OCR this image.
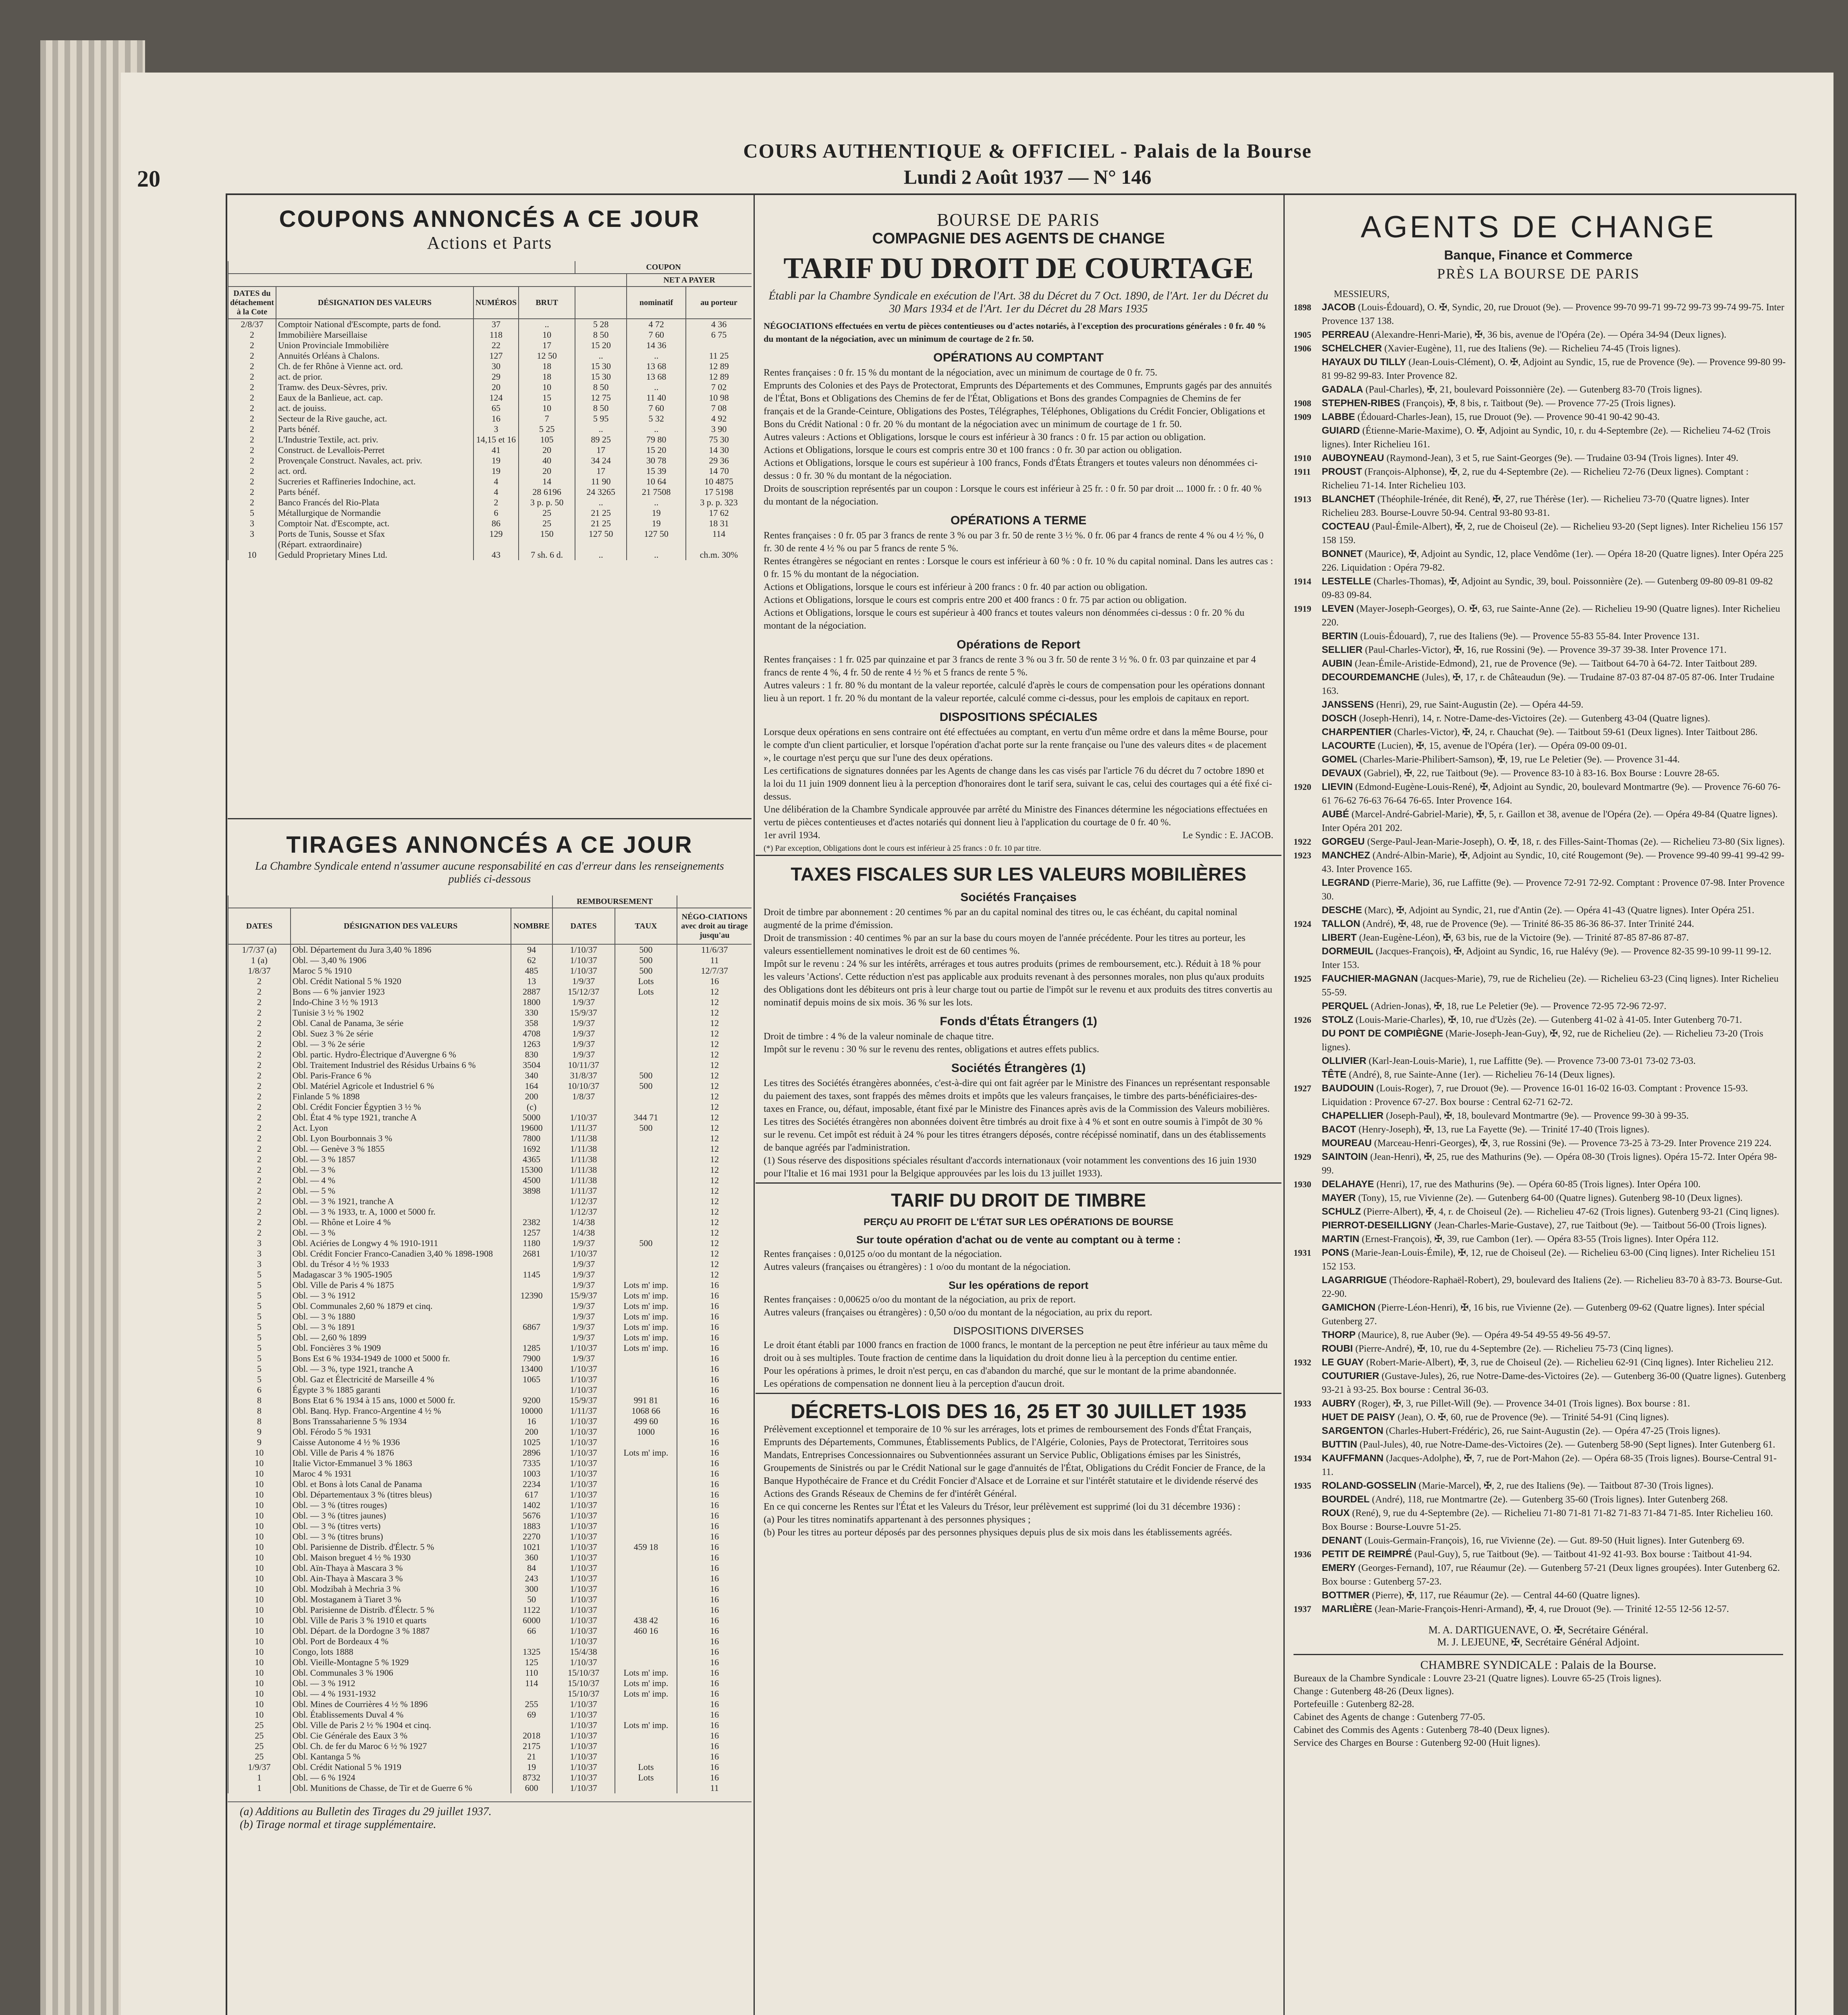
20
COURS AUTHENTIQUE & OFFICIEL - Palais de la Bourse
Lundi 2 Août 1937 — N° 146
COUPONS ANNONCÉS A CE JOUR
Actions et Parts
				COUPON		
					NET A PAYER	
DATES du détachement à la Cote	DÉSIGNATION DES VALEURS	NUMÉROS	BRUT		nominatif	au porteur
2/8/37	Comptoir National d'Escompte, parts de fond.	37	..	5 28	4 72	4 36
2	Immobilière Marseillaise	118	10	8 50	7 60	6 75
2	Union Provinciale Immobilière	22	17	15 20	14 36	
2	Annuités Orléans à Chalons.	127	12 50	..	..	11 25
2	Ch. de fer Rhône à Vienne act. ord.	30	18	15 30	13 68	12 89
2	act. de prior.	29	18	15 30	13 68	12 89
2	Tramw. des Deux-Sèvres, priv.	20	10	8 50	..	7 02
2	Eaux de la Banlieue, act. cap.	124	15	12 75	11 40	10 98
2	act. de jouiss.	65	10	8 50	7 60	7 08
2	Secteur de la Rive gauche, act.	16	7	5 95	5 32	4 92
2	Parts bénéf.	3	5 25	..	..	3 90
2	L'Industrie Textile, act. priv.	14,15 et 16	105	89 25	79 80	75 30
2	Construct. de Levallois-Perret	41	20	17	15 20	14 30
2	Provençale Construct. Navales, act. priv.	19	40	34 24	30 78	29 36
2	act. ord.	19	20	17	15 39	14 70
2	Sucreries et Raffineries Indochine, act.	4	14	11 90	10 64	10 4875
2	Parts bénéf.	4	28 6196	24 3265	21 7508	17 5198
2	Banco Francés del Rio-Plata	2	3 p. p. 50	..	..	3 p. p. 323
5	Métallurgique de Normandie	6	25	21 25	19	17 62
3	Comptoir Nat. d'Escompte, act.	86	25	21 25	19	18 31
3	Ports de Tunis, Sousse et Sfax	129	150	127 50	127 50	114
	(Répart. extraordinaire)					
10	Geduld Proprietary Mines Ltd.	43	7 sh. 6 d.	..	..	ch.m. 30%
TIRAGES ANNONCÉS A CE JOUR
La Chambre Syndicale entend n'assumer aucune responsabilité en cas d'erreur dans les renseignements publiés ci-dessous
			REMBOURSEMENT		
DATES	DÉSIGNATION DES VALEURS	NOMBRE	DATES	TAUX	NÉGO-CIATIONS avec droit au tirage jusqu'au
1/7/37 (a)	Obl. Département du Jura 3,40 % 1896	94	1/10/37	500	11/6/37
1 (a)	Obl. — 3,40 % 1906	62	1/10/37	500	11
1/8/37	Maroc 5 % 1910	485	1/10/37	500	12/7/37
2	Obl. Crédit National 5 % 1920	13	1/9/37	Lots	16
2	Bons — 6 % janvier 1923	2887	15/12/37	Lots	12
2	Indo-Chine 3 ½ % 1913	1800	1/9/37		12
2	Tunisie 3 ½ % 1902	330	15/9/37		12
2	Obl. Canal de Panama, 3e série	358	1/9/37		12
2	Obl. Suez 3 % 2e série	4708	1/9/37		12
2	Obl. — 3 % 2e série	1263	1/9/37		12
2	Obl. partic. Hydro-Électrique d'Auvergne 6 %	830	1/9/37		12
2	Obl. Traitement Industriel des Résidus Urbains 6 %	3504	10/11/37		12
2	Obl. Paris-France 6 %	340	31/8/37	500	12
2	Obl. Matériel Agricole et Industriel 6 %	164	10/10/37	500	12
2	Finlande 5 % 1898	200	1/8/37		12
2	Obl. Crédit Foncier Égyptien 3 ½ %	(c)			12
2	Obl. État 4 % type 1921, tranche A	5000	1/10/37	344 71	12
2	Act. Lyon	19600	1/11/37	500	12
2	Obl. Lyon Bourbonnais 3 %	7800	1/11/38		12
2	Obl. — Genève 3 % 1855	1692	1/11/38		12
2	Obl. — 3 % 1857	4365	1/11/38		12
2	Obl. — 3 %	15300	1/11/38		12
2	Obl. — 4 %	4500	1/11/38		12
2	Obl. — 5 %	3898	1/11/37		12
2	Obl. — 3 % 1921, tranche A		1/12/37		12
2	Obl. — 3 % 1933, tr. A, 1000 et 5000 fr.		1/12/37		12
2	Obl. — Rhône et Loire 4 %	2382	1/4/38		12
2	Obl. — 3 %	1257	1/4/38		12
3	Obl. Aciéries de Longwy 4 % 1910-1911	1180	1/9/37	500	12
3	Obl. Crédit Foncier Franco-Canadien 3,40 % 1898-1908	2681	1/10/37		12
3	Obl. du Trésor 4 ½ % 1933		1/9/37		12
5	Madagascar 3 % 1905-1905	1145	1/9/37		12
5	Obl. Ville de Paris 4 % 1875		1/9/37	Lots m' imp.	16
5	Obl. — 3 % 1912	12390	15/9/37	Lots m' imp.	16
5	Obl. Communales 2,60 % 1879 et cinq.		1/9/37	Lots m' imp.	16
5	Obl. — 3 % 1880		1/9/37	Lots m' imp.	16
5	Obl. — 3 % 1891	6867	1/9/37	Lots m' imp.	16
5	Obl. — 2,60 % 1899		1/9/37	Lots m' imp.	16
5	Obl. Foncières 3 % 1909	1285	1/10/37	Lots m' imp.	16
5	Bons Est 6 % 1934-1949 de 1000 et 5000 fr.	7900	1/9/37		16
5	Obl. — 3 %, type 1921, tranche A	13400	1/10/37		16
5	Obl. Gaz et Électricité de Marseille 4 %	1065	1/10/37		16
6	Égypte 3 % 1885 garanti		1/10/37		16
8	Bons Etat 6 % 1934 à 15 ans, 1000 et 5000 fr.	9200	15/9/37	991 81	16
8	Obl. Banq. Hyp. Franco-Argentine 4 ½ %	10000	1/11/37	1068 66	16
8	Bons Transsaharienne 5 % 1934	16	1/10/37	499 60	16
9	Obl. Férodo 5 % 1931	200	1/10/37	1000	16
9	Caisse Autonome 4 ½ % 1936	1025	1/10/37		16
10	Obl. Ville de Paris 4 % 1876	2896	1/10/37	Lots m' imp.	16
10	Italie Victor-Emmanuel 3 % 1863	7335	1/10/37		16
10	Maroc 4 % 1931	1003	1/10/37		16
10	Obl. et Bons à lots Canal de Panama	2234	1/10/37		16
10	Obl. Départementaux 3 % (titres bleus)	617	1/10/37		16
10	Obl. — 3 % (titres rouges)	1402	1/10/37		16
10	Obl. — 3 % (titres jaunes)	5676	1/10/37		16
10	Obl. — 3 % (titres verts)	1883	1/10/37		16
10	Obl. — 3 % (titres bruns)	2270	1/10/37		16
10	Obl. Parisienne de Distrib. d'Électr. 5 %	1021	1/10/37	459 18	16
10	Obl. Maison breguet 4 ½ % 1930	360	1/10/37		16
10	Obl. Aïn-Thaya à Mascara 3 %	84	1/10/37		16
10	Obl. Ain-Thaya à Mascara 3 %	243	1/10/37		16
10	Obl. Modzibah à Mechria 3 %	300	1/10/37		16
10	Obl. Mostaganem à Tiaret 3 %	50	1/10/37		16
10	Obl. Parisienne de Distrib. d'Électr. 5 %	1122	1/10/37		16
10	Obl. Ville de Paris 3 % 1910 et quarts	6000	1/10/37	438 42	16
10	Obl. Départ. de la Dordogne 3 % 1887	66	1/10/37	460 16	16
10	Obl. Port de Bordeaux 4 %		1/10/37		16
10	Congo, lots 1888	1325	15/4/38		16
10	Obl. Vieille-Montagne 5 % 1929	125	1/10/37		16
10	Obl. Communales 3 % 1906	110	15/10/37	Lots m' imp.	16
10	Obl. — 3 % 1912	114	15/10/37	Lots m' imp.	16
10	Obl. — 4 % 1931-1932		15/10/37	Lots m' imp.	16
10	Obl. Mines de Courrières 4 ½ % 1896	255	1/10/37		16
10	Obl. Établissements Duval 4 %	69	1/10/37		16
25	Obl. Ville de Paris 2 ½ % 1904 et cinq.		1/10/37	Lots m' imp.	16
25	Obl. Cie Générale des Eaux 3 %	2018	1/10/37		16
25	Obl. Ch. de fer du Maroc 6 ½ % 1927	2175	1/10/37		16
25	Obl. Kantanga 5 %	21	1/10/37		16
1/9/37	Obl. Crédit National 5 % 1919	19	1/10/37	Lots	16
1	Obl. — 6 % 1924	8732	1/10/37	Lots	16
1	Obl. Munitions de Chasse, de Tir et de Guerre 6 %	600	1/10/37		11
(a) Additions au Bulletin des Tirages du 29 juillet 1937.
(b) Tirage normal et tirage supplémentaire.
BOURSE DE PARIS
COMPAGNIE DES AGENTS DE CHANGE
TARIF DU DROIT DE COURTAGE
Établi par la Chambre Syndicale en exécution de l'Art. 38 du Décret du 7 Oct. 1890, de l'Art. 1er du Décret du 30 Mars 1934 et de l'Art. 1er du Décret du 28 Mars 1935
NÉGOCIATIONS effectuées en vertu de pièces contentieuses ou d'actes notariés, à l'exception des procurations générales : 0 fr. 40 % du montant de la négociation, avec un minimum de courtage de 2 fr. 50.
OPÉRATIONS AU COMPTANT
Rentes françaises : 0 fr. 15 % du montant de la négociation, avec un minimum de courtage de 0 fr. 75.
Emprunts des Colonies et des Pays de Protectorat, Emprunts des Départements et des Communes, Emprunts gagés par des annuités de l'État, Bons et Obligations des Chemins de fer de l'État, Obligations et Bons des grandes Compagnies de Chemins de fer français et de la Grande-Ceinture, Obligations des Postes, Télégraphes, Téléphones, Obligations du Crédit Foncier, Obligations et Bons du Crédit National : 0 fr. 20 % du montant de la négociation avec un minimum de courtage de 1 fr. 50.
Autres valeurs : Actions et Obligations, lorsque le cours est inférieur à 30 francs : 0 fr. 15 par action ou obligation.
Actions et Obligations, lorsque le cours est compris entre 30 et 100 francs : 0 fr. 30 par action ou obligation.
Actions et Obligations, lorsque le cours est supérieur à 100 francs, Fonds d'États Étrangers et toutes valeurs non dénommées ci-dessus : 0 fr. 30 % du montant de la négociation.
Droits de souscription représentés par un coupon : Lorsque le cours est inférieur à 25 fr. : 0 fr. 50 par droit ... 1000 fr. : 0 fr. 40 % du montant de la négociation.
OPÉRATIONS A TERME
Rentes françaises : 0 fr. 05 par 3 francs de rente 3 % ou par 3 fr. 50 de rente 3 ½ %. 0 fr. 06 par 4 francs de rente 4 % ou 4 ½ %, 0 fr. 30 de rente 4 ½ % ou par 5 francs de rente 5 %.
Rentes étrangères se négociant en rentes : Lorsque le cours est inférieur à 60 % : 0 fr. 10 % du capital nominal. Dans les autres cas : 0 fr. 15 % du montant de la négociation.
Actions et Obligations, lorsque le cours est inférieur à 200 francs : 0 fr. 40 par action ou obligation.
Actions et Obligations, lorsque le cours est compris entre 200 et 400 francs : 0 fr. 75 par action ou obligation.
Actions et Obligations, lorsque le cours est supérieur à 400 francs et toutes valeurs non dénommées ci-dessus : 0 fr. 20 % du montant de la négociation.
Opérations de Report
Rentes françaises : 1 fr. 025 par quinzaine et par 3 francs de rente 3 % ou 3 fr. 50 de rente 3 ½ %. 0 fr. 03 par quinzaine et par 4 francs de rente 4 %, 4 fr. 50 de rente 4 ½ % et 5 francs de rente 5 %.
Autres valeurs : 1 fr. 80 % du montant de la valeur reportée, calculé d'après le cours de compensation pour les opérations donnant lieu à un report. 1 fr. 20 % du montant de la valeur reportée, calculé comme ci-dessus, pour les emplois de capitaux en report.
DISPOSITIONS SPÉCIALES
Lorsque deux opérations en sens contraire ont été effectuées au comptant, en vertu d'un même ordre et dans la même Bourse, pour le compte d'un client particulier, et lorsque l'opération d'achat porte sur la rente française ou l'une des valeurs dites « de placement », le courtage n'est perçu que sur l'une des deux opérations.
Les certifications de signatures données par les Agents de change dans les cas visés par l'article 76 du décret du 7 octobre 1890 et la loi du 11 juin 1909 donnent lieu à la perception d'honoraires dont le tarif sera, suivant le cas, celui des courtages qui a été fixé ci-dessus.
Une délibération de la Chambre Syndicale approuvée par arrêté du Ministre des Finances détermine les négociations effectuées en vertu de pièces contentieuses et d'actes notariés qui donnent lieu à l'application du courtage de 0 fr. 40 %.
1er avril 1934.	Le Syndic : E. JACOB.
(*) Par exception, Obligations dont le cours est inférieur à 25 francs : 0 fr. 10 par titre.
TAXES FISCALES SUR LES VALEURS MOBILIÈRES
Sociétés Françaises
Droit de timbre par abonnement : 20 centimes % par an du capital nominal des titres ou, le cas échéant, du capital nominal augmenté de la prime d'émission.
Droit de transmission : 40 centimes % par an sur la base du cours moyen de l'année précédente. Pour les titres au porteur, les valeurs essentiellement nominatives le droit est de 60 centimes %.
Impôt sur le revenu : 24 % sur les intérêts, arrérages et tous autres produits (primes de remboursement, etc.). Réduit à 18 % pour les valeurs 'Actions'. Cette réduction n'est pas applicable aux produits revenant à des personnes morales, non plus qu'aux produits des Obligations dont les débiteurs ont pris à leur charge tout ou partie de l'impôt sur le revenu et aux produits des titres convertis au nominatif depuis moins de six mois. 36 % sur les lots.
Fonds d'États Étrangers (1)
Droit de timbre : 4 % de la valeur nominale de chaque titre.
Impôt sur le revenu : 30 % sur le revenu des rentes, obligations et autres effets publics.
Sociétés Étrangères (1)
Les titres des Sociétés étrangères abonnées, c'est-à-dire qui ont fait agréer par le Ministre des Finances un représentant responsable du paiement des taxes, sont frappés des mêmes droits et impôts que les valeurs françaises, le timbre des parts-bénéficiaires-des-taxes en France, ou, défaut, imposable, étant fixé par le Ministre des Finances après avis de la Commission des Valeurs mobilières.
Les titres des Sociétés étrangères non abonnées doivent être timbrés au droit fixe à 4 % et sont en outre soumis à l'impôt de 30 % sur le revenu. Cet impôt est réduit à 24 % pour les titres étrangers déposés, contre récépissé nominatif, dans un des établissements de banque agréés par l'administration.
(1) Sous réserve des dispositions spéciales résultant d'accords internationaux (voir notamment les conventions des 16 juin 1930 pour l'Italie et 16 mai 1931 pour la Belgique approuvées par les lois du 13 juillet 1933).
TARIF DU DROIT DE TIMBRE
PERÇU AU PROFIT DE L'ÉTAT SUR LES OPÉRATIONS DE BOURSE
Sur toute opération d'achat ou de vente au comptant ou à terme :
Rentes françaises : 0,0125 o/oo du montant de la négociation.
Autres valeurs (françaises ou étrangères) : 1 o/oo du montant de la négociation.
Sur les opérations de report
Rentes françaises : 0,00625 o/oo du montant de la négociation, au prix de report.
Autres valeurs (françaises ou étrangères) : 0,50 o/oo du montant de la négociation, au prix du report.
DISPOSITIONS DIVERSES
Le droit étant établi par 1000 francs en fraction de 1000 francs, le montant de la perception ne peut être inférieur au taux même du droit ou à ses multiples. Toute fraction de centime dans la liquidation du droit donne lieu à la perception du centime entier.
Pour les opérations à primes, le droit n'est perçu, en cas d'abandon du marché, que sur le montant de la prime abandonnée.
Les opérations de compensation ne donnent lieu à la perception d'aucun droit.
DÉCRETS-LOIS DES 16, 25 ET 30 JUILLET 1935
Prélèvement exceptionnel et temporaire de 10 % sur les arrérages, lots et primes de remboursement des Fonds d'État Français, Emprunts des Départements, Communes, Établissements Publics, de l'Algérie, Colonies, Pays de Protectorat, Territoires sous Mandats, Entreprises Concessionnaires ou Subventionnées assurant un Service Public, Obligations émises par les Sinistrés, Groupements de Sinistrés ou par le Crédit National sur le gage d'annuités de l'État, Obligations du Crédit Foncier de France, de la Banque Hypothécaire de France et du Crédit Foncier d'Alsace et de Lorraine et sur l'intérêt statutaire et le dividende réservé des Actions des Grands Réseaux de Chemins de fer d'intérêt Général.
En ce qui concerne les Rentes sur l'État et les Valeurs du Trésor, leur prélèvement est supprimé (loi du 31 décembre 1936) :
(a) Pour les titres nominatifs appartenant à des personnes physiques ;
(b) Pour les titres au porteur déposés par des personnes physiques depuis plus de six mois dans les établissements agréés.
AGENTS DE CHANGE
Banque, Finance et Commerce
PRÈS LA BOURSE DE PARIS
MESSIEURS,
1898	JACOB (Louis-Édouard), O. ✠, Syndic, 20, rue Drouot (9e). — Provence 99-70 99-71 99-72 99-73 99-74 99-75. Inter Provence 137 138.
1905	PERREAU (Alexandre-Henri-Marie), ✠, 36 bis, avenue de l'Opéra (2e). — Opéra 34-94 (Deux lignes).
1906	SCHELCHER (Xavier-Eugène), 11, rue des Italiens (9e). — Richelieu 74-45 (Trois lignes).
HAYAUX DU TILLY (Jean-Louis-Clément), O. ✠, Adjoint au Syndic, 15, rue de Provence (9e). — Provence 99-80 99-81 99-82 99-83. Inter Provence 82.
GADALA (Paul-Charles), ✠, 21, boulevard Poissonnière (2e). — Gutenberg 83-70 (Trois lignes).
1908	STEPHEN-RIBES (François), ✠, 8 bis, r. Taitbout (9e). — Provence 77-25 (Trois lignes).
1909	LABBE (Édouard-Charles-Jean), 15, rue Drouot (9e). — Provence 90-41 90-42 90-43.
GUIARD (Étienne-Marie-Maxime), O. ✠, Adjoint au Syndic, 10, r. du 4-Septembre (2e). — Richelieu 74-62 (Trois lignes). Inter Richelieu 161.
1910	AUBOYNEAU (Raymond-Jean), 3 et 5, rue Saint-Georges (9e). — Trudaine 03-94 (Trois lignes). Inter 49.
1911	PROUST (François-Alphonse), ✠, 2, rue du 4-Septembre (2e). — Richelieu 72-76 (Deux lignes). Comptant : Richelieu 71-14. Inter Richelieu 103.
1913	BLANCHET (Théophile-Irénée, dit René), ✠, 27, rue Thérèse (1er). — Richelieu 73-70 (Quatre lignes). Inter Richelieu 283. Bourse-Louvre 50-94. Central 93-80 93-81.
COCTEAU (Paul-Émile-Albert), ✠, 2, rue de Choiseul (2e). — Richelieu 93-20 (Sept lignes). Inter Richelieu 156 157 158 159.
BONNET (Maurice), ✠, Adjoint au Syndic, 12, place Vendôme (1er). — Opéra 18-20 (Quatre lignes). Inter Opéra 225 226. Liquidation : Opéra 79-82.
1914	LESTELLE (Charles-Thomas), ✠, Adjoint au Syndic, 39, boul. Poissonnière (2e). — Gutenberg 09-80 09-81 09-82 09-83 09-84.
1919	LEVEN (Mayer-Joseph-Georges), O. ✠, 63, rue Sainte-Anne (2e). — Richelieu 19-90 (Quatre lignes). Inter Richelieu 220.
BERTIN (Louis-Édouard), 7, rue des Italiens (9e). — Provence 55-83 55-84. Inter Provence 131.
SELLIER (Paul-Charles-Victor), ✠, 16, rue Rossini (9e). — Provence 39-37 39-38. Inter Provence 171.
AUBIN (Jean-Émile-Aristide-Edmond), 21, rue de Provence (9e). — Taitbout 64-70 à 64-72. Inter Taitbout 289.
DECOURDEMANCHE (Jules), ✠, 17, r. de Châteaudun (9e). — Trudaine 87-03 87-04 87-05 87-06. Inter Trudaine 163.
JANSSENS (Henri), 29, rue Saint-Augustin (2e). — Opéra 44-59.
DOSCH (Joseph-Henri), 14, r. Notre-Dame-des-Victoires (2e). — Gutenberg 43-04 (Quatre lignes).
CHARPENTIER (Charles-Victor), ✠, 24, r. Chauchat (9e). — Taitbout 59-61 (Deux lignes). Inter Taitbout 286.
LACOURTE (Lucien), ✠, 15, avenue de l'Opéra (1er). — Opéra 09-00 09-01.
GOMEL (Charles-Marie-Philibert-Samson), ✠, 19, rue Le Peletier (9e). — Provence 31-44.
DEVAUX (Gabriel), ✠, 22, rue Taitbout (9e). — Provence 83-10 à 83-16. Box Bourse : Louvre 28-65.
1920	LIEVIN (Edmond-Eugène-Louis-René), ✠, Adjoint au Syndic, 20, boulevard Montmartre (9e). — Provence 76-60 76-61 76-62 76-63 76-64 76-65. Inter Provence 164.
AUBÉ (Marcel-André-Gabriel-Marie), ✠, 5, r. Gaillon et 38, avenue de l'Opéra (2e). — Opéra 49-84 (Quatre lignes). Inter Opéra 201 202.
1922	GORGEU (Serge-Paul-Jean-Marie-Joseph), O. ✠, 18, r. des Filles-Saint-Thomas (2e). — Richelieu 73-80 (Six lignes).
1923	MANCHEZ (André-Albin-Marie), ✠, Adjoint au Syndic, 10, cité Rougemont (9e). — Provence 99-40 99-41 99-42 99-43. Inter Provence 165.
LEGRAND (Pierre-Marie), 36, rue Laffitte (9e). — Provence 72-91 72-92. Comptant : Provence 07-98. Inter Provence 30.
DESCHE (Marc), ✠, Adjoint au Syndic, 21, rue d'Antin (2e). — Opéra 41-43 (Quatre lignes). Inter Opéra 251.
1924	TALLON (André), ✠, 48, rue de Provence (9e). — Trinité 86-35 86-36 86-37. Inter Trinité 244.
LIBERT (Jean-Eugène-Léon), ✠, 63 bis, rue de la Victoire (9e). — Trinité 87-85 87-86 87-87.
DORMEUIL (Jacques-François), ✠, Adjoint au Syndic, 16, rue Halévy (9e). — Provence 82-35 99-10 99-11 99-12. Inter 153.
1925	FAUCHIER-MAGNAN (Jacques-Marie), 79, rue de Richelieu (2e). — Richelieu 63-23 (Cinq lignes). Inter Richelieu 55-59.
PERQUEL (Adrien-Jonas), ✠, 18, rue Le Peletier (9e). — Provence 72-95 72-96 72-97.
1926	STOLZ (Louis-Marie-Charles), ✠, 10, rue d'Uzès (2e). — Gutenberg 41-02 à 41-05. Inter Gutenberg 70-71.
DU PONT DE COMPIÈGNE (Marie-Joseph-Jean-Guy), ✠, 92, rue de Richelieu (2e). — Richelieu 73-20 (Trois lignes).
OLLIVIER (Karl-Jean-Louis-Marie), 1, rue Laffitte (9e). — Provence 73-00 73-01 73-02 73-03.
TÊTE (André), 8, rue Sainte-Anne (1er). — Richelieu 76-14 (Deux lignes).
1927	BAUDOUIN (Louis-Roger), 7, rue Drouot (9e). — Provence 16-01 16-02 16-03. Comptant : Provence 15-93. Liquidation : Provence 67-27. Box bourse : Central 62-71 62-72.
CHAPELLIER (Joseph-Paul), ✠, 18, boulevard Montmartre (9e). — Provence 99-30 à 99-35.
BACOT (Henry-Joseph), ✠, 13, rue La Fayette (9e). — Trinité 17-40 (Trois lignes).
MOUREAU (Marceau-Henri-Georges), ✠, 3, rue Rossini (9e). — Provence 73-25 à 73-29. Inter Provence 219 224.
1929	SAINTOIN (Jean-Henri), ✠, 25, rue des Mathurins (9e). — Opéra 08-30 (Trois lignes). Opéra 15-72. Inter Opéra 98-99.
1930	DELAHAYE (Henri), 17, rue des Mathurins (9e). — Opéra 60-85 (Trois lignes). Inter Opéra 100.
MAYER (Tony), 15, rue Vivienne (2e). — Gutenberg 64-00 (Quatre lignes). Gutenberg 98-10 (Deux lignes).
SCHULZ (Pierre-Albert), ✠, 4, r. de Choiseul (2e). — Richelieu 47-62 (Trois lignes). Gutenberg 93-21 (Cinq lignes).
PIERROT-DESEILLIGNY (Jean-Charles-Marie-Gustave), 27, rue Taitbout (9e). — Taitbout 56-00 (Trois lignes).
MARTIN (Ernest-François), ✠, 39, rue Cambon (1er). — Opéra 83-55 (Trois lignes). Inter Opéra 112.
1931	PONS (Marie-Jean-Louis-Émile), ✠, 12, rue de Choiseul (2e). — Richelieu 63-00 (Cinq lignes). Inter Richelieu 151 152 153.
LAGARRIGUE (Théodore-Raphaël-Robert), 29, boulevard des Italiens (2e). — Richelieu 83-70 à 83-73. Bourse-Gut. 22-90.
GAMICHON (Pierre-Léon-Henri), ✠, 16 bis, rue Vivienne (2e). — Gutenberg 09-62 (Quatre lignes). Inter spécial Gutenberg 27.
THORP (Maurice), 8, rue Auber (9e). — Opéra 49-54 49-55 49-56 49-57.
ROUBI (Pierre-André), ✠, 10, rue du 4-Septembre (2e). — Richelieu 75-73 (Cinq lignes).
1932	LE GUAY (Robert-Marie-Albert), ✠, 3, rue de Choiseul (2e). — Richelieu 62-91 (Cinq lignes). Inter Richelieu 212.
COUTURIER (Gustave-Jules), 26, rue Notre-Dame-des-Victoires (2e). — Gutenberg 36-00 (Quatre lignes). Gutenberg 93-21 à 93-25. Box bourse : Central 36-03.
1933	AUBRY (Roger), ✠, 3, rue Pillet-Will (9e). — Provence 34-01 (Trois lignes). Box bourse : 81.
HUET DE PAISY (Jean), O. ✠, 60, rue de Provence (9e). — Trinité 54-91 (Cinq lignes).
SARGENTON (Charles-Hubert-Frédéric), 26, rue Saint-Augustin (2e). — Opéra 47-25 (Trois lignes).
BUTTIN (Paul-Jules), 40, rue Notre-Dame-des-Victoires (2e). — Gutenberg 58-90 (Sept lignes). Inter Gutenberg 61.
1934	KAUFFMANN (Jacques-Adolphe), ✠, 7, rue de Port-Mahon (2e). — Opéra 68-35 (Trois lignes). Bourse-Central 91-11.
1935	ROLAND-GOSSELIN (Marie-Marcel), ✠, 2, rue des Italiens (9e). — Taitbout 87-30 (Trois lignes).
BOURDEL (André), 118, rue Montmartre (2e). — Gutenberg 35-60 (Trois lignes). Inter Gutenberg 268.
ROUX (René), 9, rue du 4-Septembre (2e). — Richelieu 71-80 71-81 71-82 71-83 71-84 71-85. Inter Richelieu 160. Box Bourse : Bourse-Louvre 51-25.
DENANT (Louis-Germain-François), 16, rue Vivienne (2e). — Gut. 89-50 (Huit lignes). Inter Gutenberg 69.
1936	PETIT DE REIMPRÉ (Paul-Guy), 5, rue Taitbout (9e). — Taitbout 41-92 41-93. Box bourse : Taitbout 41-94.
EMERY (Georges-Fernand), 107, rue Réaumur (2e). — Gutenberg 57-21 (Deux lignes groupées). Inter Gutenberg 62. Box bourse : Gutenberg 57-23.
BOTTMER (Pierre), ✠, 117, rue Réaumur (2e). — Central 44-60 (Quatre lignes).
1937	MARLIÈRE (Jean-Marie-François-Henri-Armand), ✠, 4, rue Drouot (9e). — Trinité 12-55 12-56 12-57.
M. A. DARTIGUENAVE, O. ✠, Secrétaire Général.
M. J. LEJEUNE, ✠, Secrétaire Général Adjoint.
CHAMBRE SYNDICALE : Palais de la Bourse.
Bureaux de la Chambre Syndicale : Louvre 23-21 (Quatre lignes). Louvre 65-25 (Trois lignes).
Change : Gutenberg 48-26 (Deux lignes).
Portefeuille : Gutenberg 82-28.
Cabinet des Agents de change : Gutenberg 77-05.
Cabinet des Commis des Agents : Gutenberg 78-40 (Deux lignes).
Service des Charges en Bourse : Gutenberg 92-00 (Huit lignes).
